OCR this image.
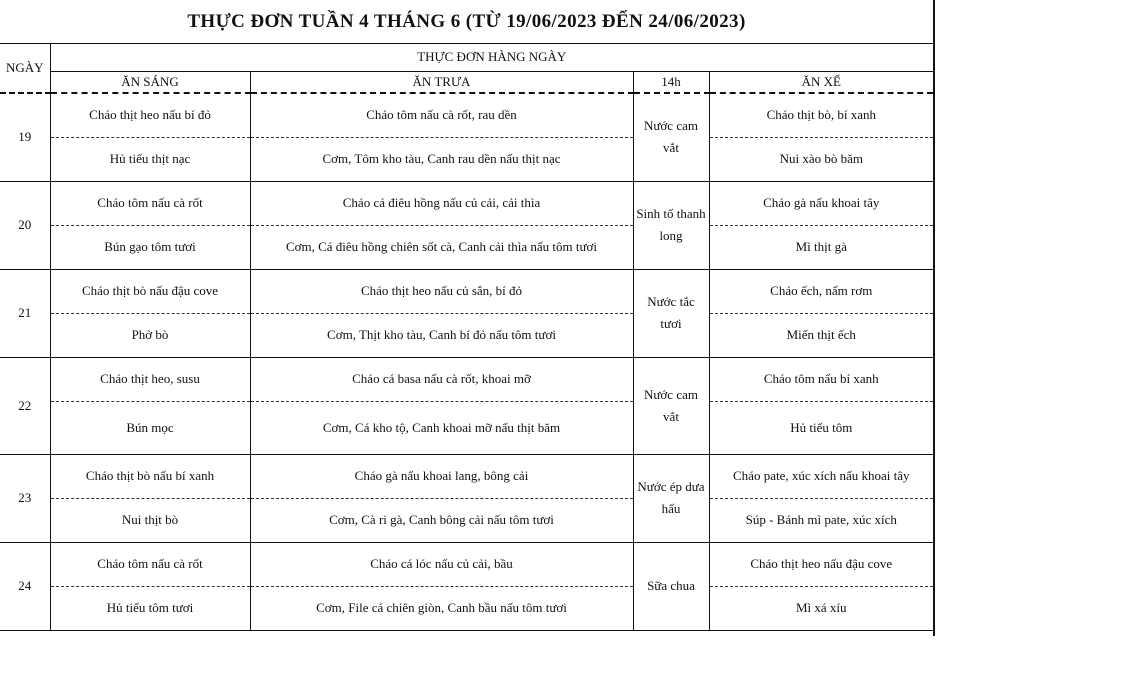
THỰC ĐƠN TUẦN 4 THÁNG 6 (TỪ 19/06/2023 ĐẾN 24/06/2023)
NGÀY	THỰC ĐƠN HÀNG NGÀY			
	ĂN SÁNG	ĂN TRƯA	14h	ĂN XẾ
19	Cháo thịt heo nấu bí đỏ	Cháo tôm nấu cà rốt, rau dền	Nước cam vắt	Cháo thịt bò, bí xanh
	Hủ tiếu thịt nạc	Cơm, Tôm kho tàu, Canh rau dền nấu thịt nạc		Nui xào bò băm
20	Cháo tôm nấu cà rốt	Cháo cá điêu hồng nấu củ cải, cải thìa	Sinh tố thanh long	Cháo gà nấu khoai tây
	Bún gạo tôm tươi	Cơm, Cá điêu hồng chiên sốt cà, Canh cải thìa nấu tôm tươi		Mì thịt gà
21	Cháo thịt bò nấu đậu cove	Cháo thịt heo nấu củ sắn, bí đỏ	Nước tắc tươi	Cháo ếch, nấm rơm
	Phở bò	Cơm, Thịt kho tàu, Canh bí đỏ nấu tôm tươi		Miến thịt ếch
22	Cháo thịt heo, susu	Cháo cá basa nấu cà rốt, khoai mỡ	Nước cam vắt	Cháo tôm nấu bí xanh
	Bún mọc	Cơm, Cá kho tộ, Canh khoai mỡ nấu thịt băm		Hủ tiếu tôm
23	Cháo thịt bò nấu bí xanh	Cháo gà nấu khoai lang, bông cải	Nước ép dưa hấu	Cháo pate, xúc xích nấu khoai tây
	Nui thịt bò	Cơm, Cà ri gà, Canh bông cải nấu tôm tươi		Súp - Bánh mì pate, xúc xích
24	Cháo tôm nấu cà rốt	Cháo cá lóc nấu củ cải, bầu	Sữa chua	Cháo thịt heo nấu đậu cove
	Hủ tiếu tôm tươi	Cơm, File cá chiên giòn, Canh bầu nấu tôm tươi		Mì xá xíu
